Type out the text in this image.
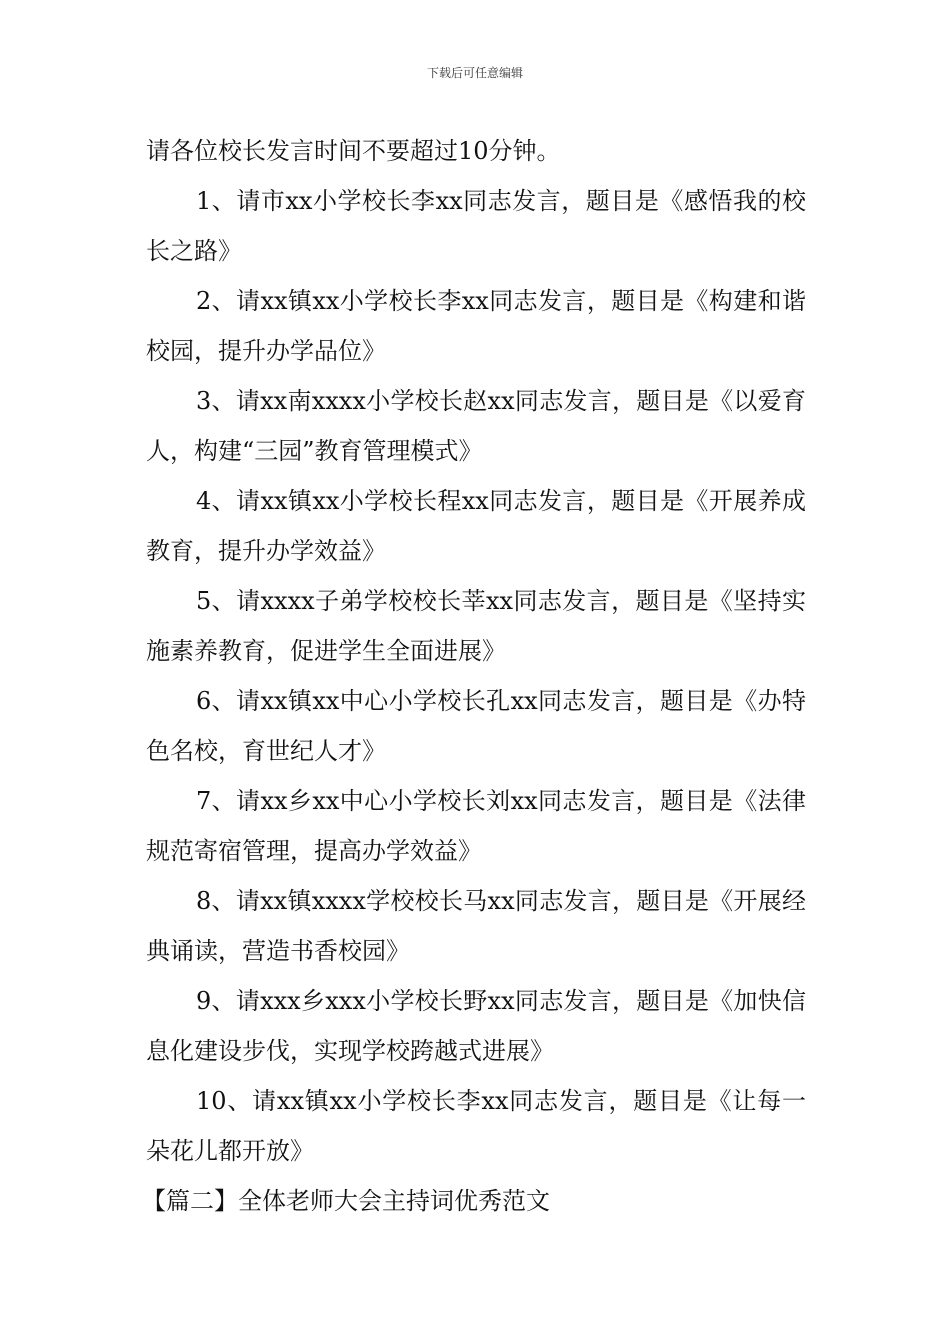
下载后可任意编辑

请各位校长发言时间不要超过10分钟。

1、请市xx小学校长李xx同志发言，题目是《感悟我的校长之路》

2、请xx镇xx小学校长李xx同志发言，题目是《构建和谐校园，提升办学品位》

3、请xx南xxxx小学校长赵xx同志发言，题目是《以爱育人，构建“三园”教育管理模式》

4、请xx镇xx小学校长程xx同志发言，题目是《开展养成教育，提升办学效益》

5、请xxxx子弟学校校长莘xx同志发言，题目是《坚持实施素养教育，促进学生全面进展》

6、请xx镇xx中心小学校长孔xx同志发言，题目是《办特色名校，育世纪人才》

7、请xx乡xx中心小学校长刘xx同志发言，题目是《法律规范寄宿管理，提高办学效益》

8、请xx镇xxxx学校校长马xx同志发言，题目是《开展经典诵读，营造书香校园》

9、请xxx乡xxx小学校长野xx同志发言，题目是《加快信息化建设步伐，实现学校跨越式进展》

10、请xx镇xx小学校长李xx同志发言，题目是《让每一朵花儿都开放》

【篇二】全体老师大会主持词优秀范文
